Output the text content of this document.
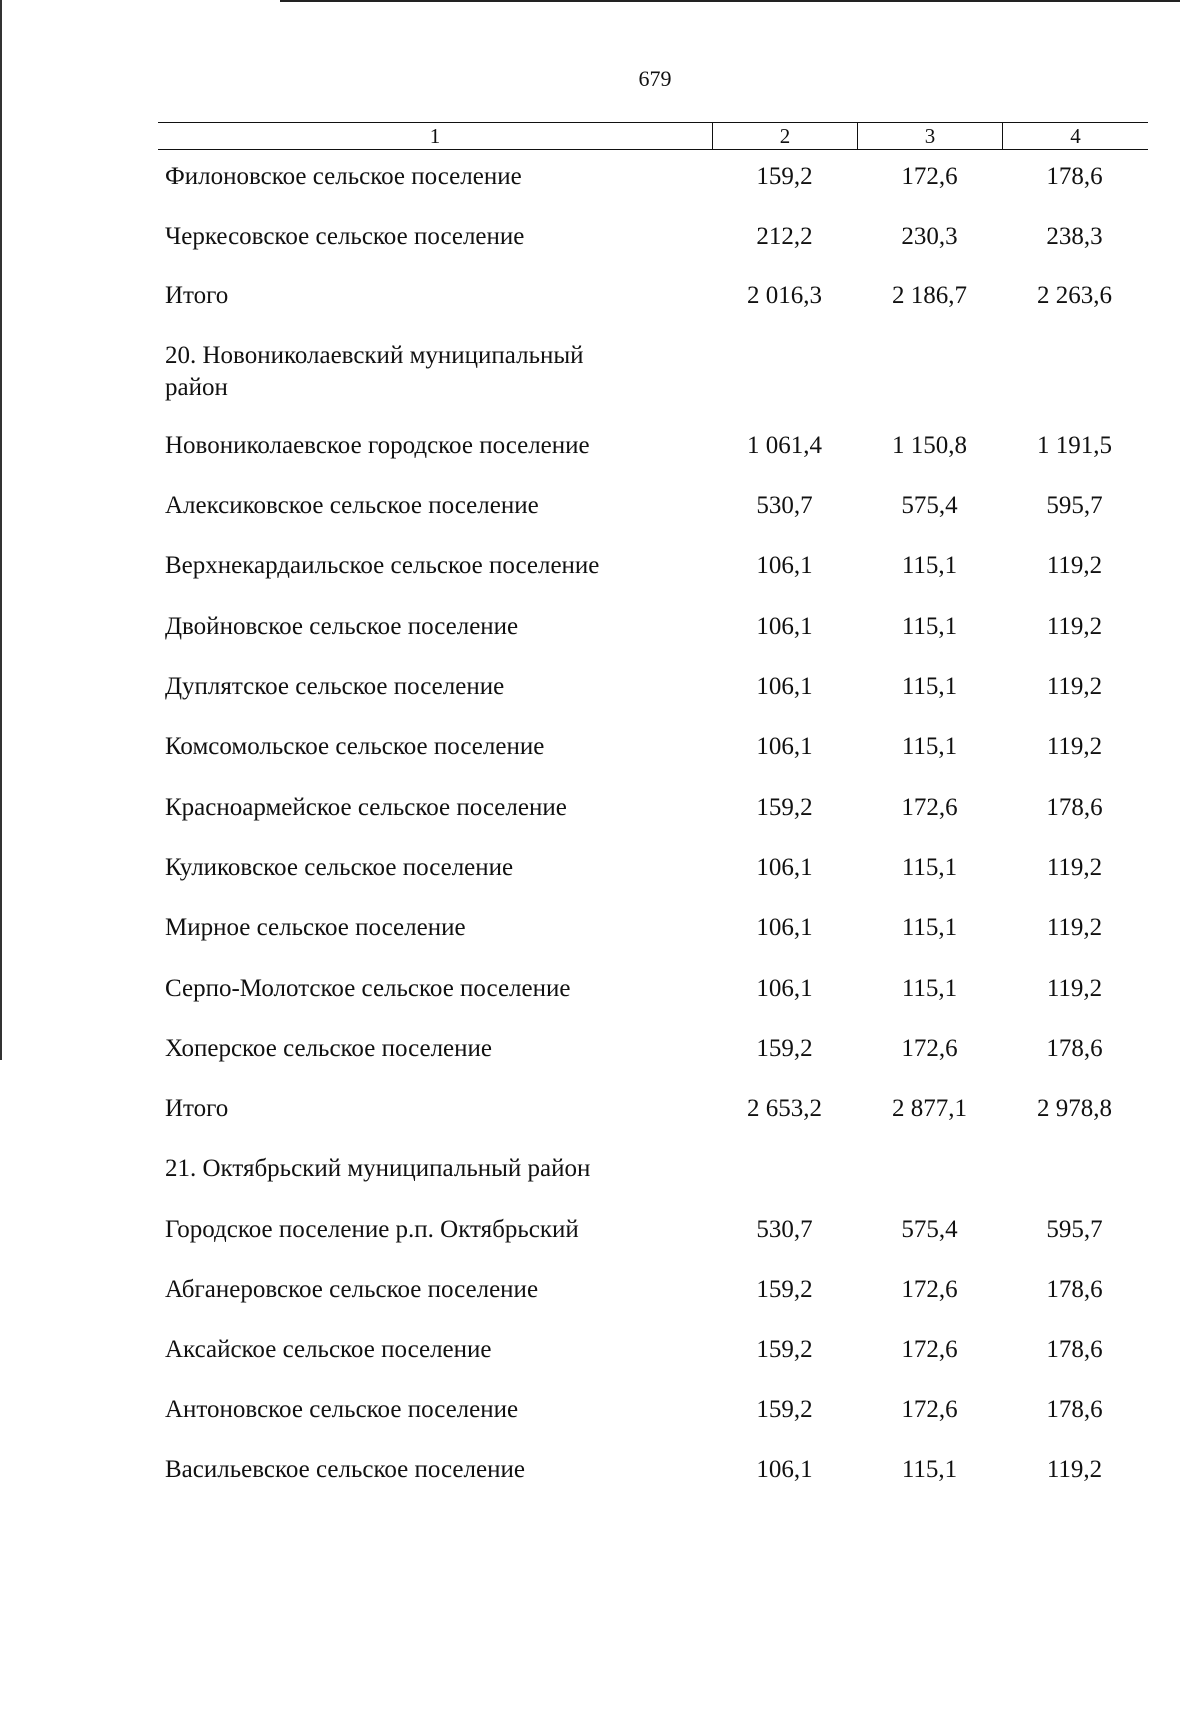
679
1	2	3	4
Филоновское сельское поселение	159,2	172,6	178,6
Черкесовское сельское поселение	212,2	230,3	238,3
Итого	2 016,3	2 186,7	2 263,6
20. Новониколаевский муниципальный район
Новониколаевское городское поселение	1 061,4	1 150,8	1 191,5
Алексиковское сельское поселение	530,7	575,4	595,7
Верхнекардаильское сельское поселение	106,1	115,1	119,2
Двойновское сельское поселение	106,1	115,1	119,2
Дуплятское сельское поселение	106,1	115,1	119,2
Комсомольское сельское поселение	106,1	115,1	119,2
Красноармейское сельское поселение	159,2	172,6	178,6
Куликовское сельское поселение	106,1	115,1	119,2
Мирное сельское поселение	106,1	115,1	119,2
Серпо-Молотское сельское поселение	106,1	115,1	119,2
Хоперское сельское поселение	159,2	172,6	178,6
Итого	2 653,2	2 877,1	2 978,8
21. Октябрьский муниципальный район
Городское поселение р.п. Октябрьский	530,7	575,4	595,7
Абганеровское сельское поселение	159,2	172,6	178,6
Аксайское сельское поселение	159,2	172,6	178,6
Антоновское сельское поселение	159,2	172,6	178,6
Васильевское сельское поселение	106,1	115,1	119,2
